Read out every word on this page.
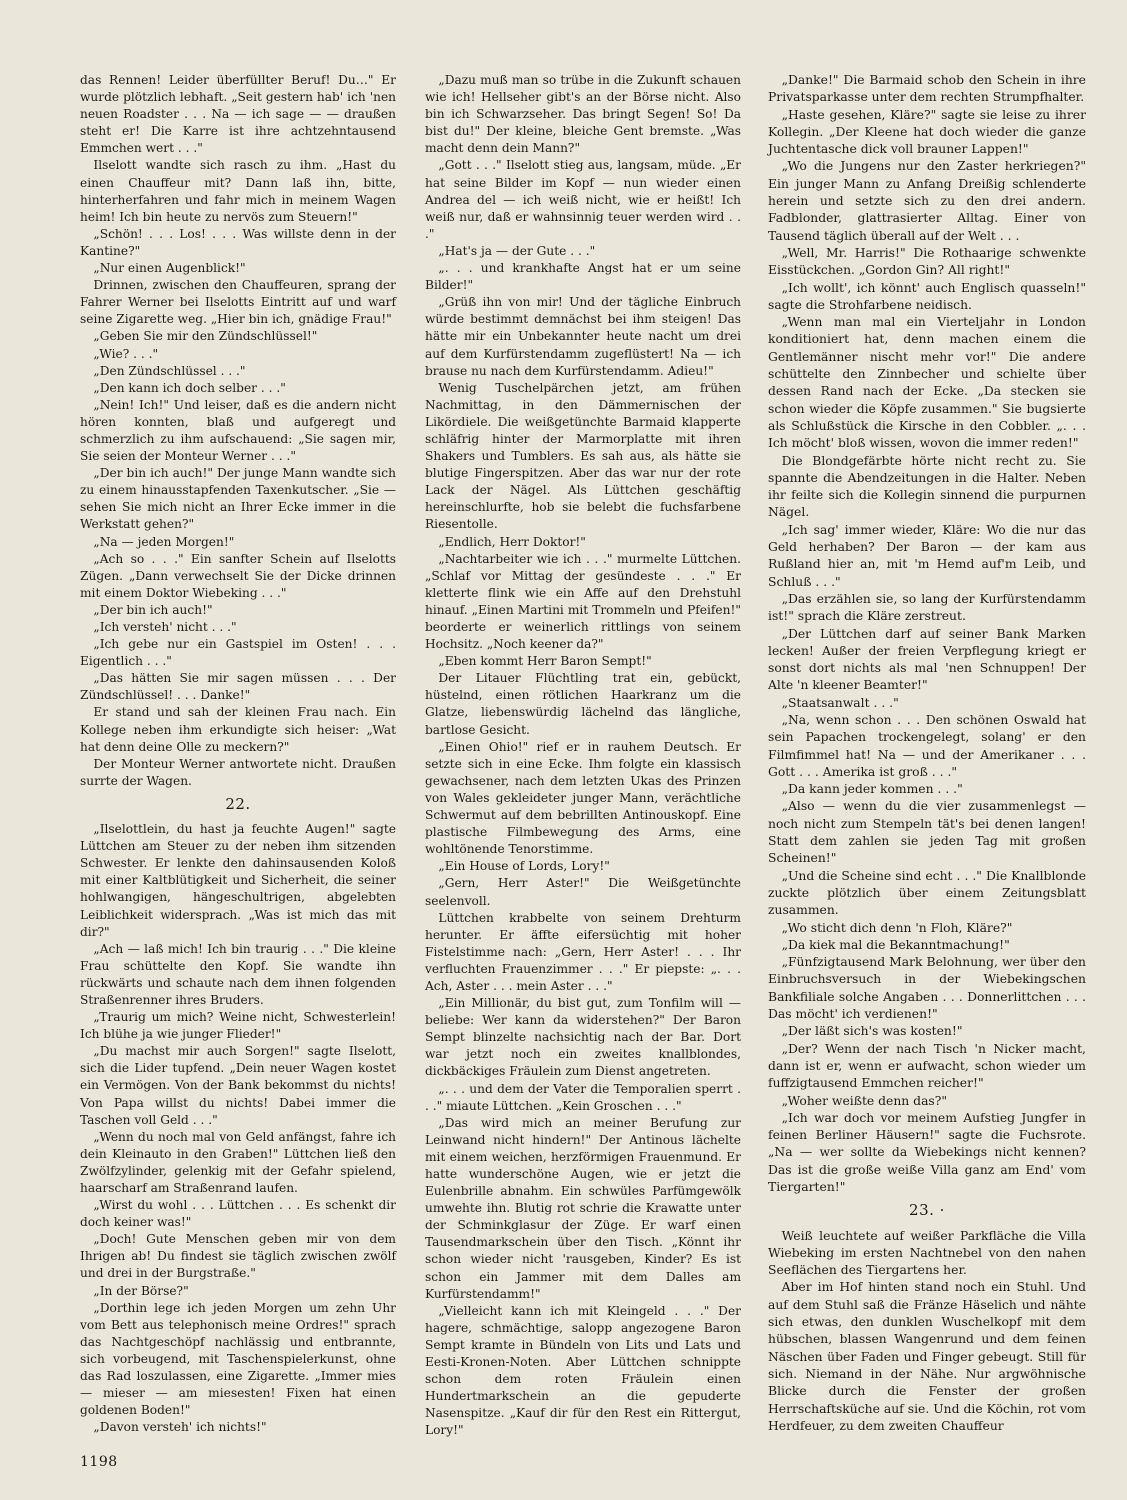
das Rennen! Leider überfüllter Beruf! Du…" Er wurde plötzlich lebhaft. „Seit gestern hab' ich 'nen neuen Roadster . . . Na — ich sage — — draußen steht er! Die Karre ist ihre achtzehntausend Emmchen wert . . ."

Ilselott wandte sich rasch zu ihm. „Hast du einen Chauffeur mit? Dann laß ihn, bitte, hinterherfahren und fahr mich in meinem Wagen heim! Ich bin heute zu nervös zum Steuern!"

„Schön! . . . Los! . . . Was willste denn in der Kantine?"

„Nur einen Augenblick!"

Drinnen, zwischen den Chauffeuren, sprang der Fahrer Werner bei Ilselotts Eintritt auf und warf seine Zigarette weg. „Hier bin ich, gnädige Frau!"

„Geben Sie mir den Zündschlüssel!"

„Wie? . . ."

„Den Zündschlüssel . . ."

„Den kann ich doch selber . . ."

„Nein! Ich!" Und leiser, daß es die andern nicht hören konnten, blaß und aufgeregt und schmerzlich zu ihm aufschauend: „Sie sagen mir, Sie seien der Monteur Werner . . ."

„Der bin ich auch!" Der junge Mann wandte sich zu einem hinausstapfenden Taxenkutscher. „Sie — sehen Sie mich nicht an Ihrer Ecke immer in die Werkstatt gehen?"

„Na — jeden Morgen!"

„Ach so . . ." Ein sanfter Schein auf Ilselotts Zügen. „Dann verwechselt Sie der Dicke drinnen mit einem Doktor Wiebeking . . ."

„Der bin ich auch!"

„Ich versteh' nicht . . ."

„Ich gebe nur ein Gastspiel im Osten! . . . Eigentlich . . ."

„Das hätten Sie mir sagen müssen . . . Der Zündschlüssel! . . . Danke!"

Er stand und sah der kleinen Frau nach. Ein Kollege neben ihm erkundigte sich heiser: „Wat hat denn deine Olle zu meckern?"

Der Monteur Werner antwortete nicht. Draußen surrte der Wagen.

22.

„Ilselottlein, du hast ja feuchte Augen!" sagte Lüttchen am Steuer zu der neben ihm sitzenden Schwester. Er lenkte den dahinsausenden Koloß mit einer Kaltblütigkeit und Sicherheit, die seiner hohlwangigen, hängeschultrigen, abgelebten Leiblichkeit widersprach. „Was ist mich das mit dir?"

„Ach — laß mich! Ich bin traurig . . ." Die kleine Frau schüttelte den Kopf. Sie wandte ihn rückwärts und schaute nach dem ihnen folgenden Straßenrenner ihres Bruders.

„Traurig um mich? Weine nicht, Schwesterlein! Ich blühe ja wie junger Flieder!"

„Du machst mir auch Sorgen!" sagte Ilselott, sich die Lider tupfend. „Dein neuer Wagen kostet ein Vermögen. Von der Bank bekommst du nichts! Von Papa willst du nichts! Dabei immer die Taschen voll Geld . . ."

„Wenn du noch mal von Geld anfängst, fahre ich dein Kleinauto in den Graben!" Lüttchen ließ den Zwölfzylinder, gelenkig mit der Gefahr spielend, haarscharf am Straßenrand laufen.

„Wirst du wohl . . . Lüttchen . . . Es schenkt dir doch keiner was!"

„Doch! Gute Menschen geben mir von dem Ihrigen ab! Du findest sie täglich zwischen zwölf und drei in der Burgstraße."

„In der Börse?"

„Dorthin lege ich jeden Morgen um zehn Uhr vom Bett aus telephonisch meine Ordres!" sprach das Nachtgeschöpf nachlässig und entbrannte, sich vorbeugend, mit Taschenspielerkunst, ohne das Rad loszulassen, eine Zigarette. „Immer mies — mieser — am miesesten! Fixen hat einen goldenen Boden!"

„Davon versteh' ich nichts!"

„Dazu muß man so trübe in die Zukunft schauen wie ich! Hellseher gibt's an der Börse nicht. Also bin ich Schwarzseher. Das bringt Segen! So! Da bist du!" Der kleine, bleiche Gent bremste. „Was macht denn dein Mann?"

„Gott . . ." Ilselott stieg aus, langsam, müde. „Er hat seine Bilder im Kopf — nun wieder einen Andrea del — ich weiß nicht, wie er heißt! Ich weiß nur, daß er wahnsinnig teuer werden wird . . ."

„Hat's ja — der Gute . . ."

„. . . und krankhafte Angst hat er um seine Bilder!"

„Grüß ihn von mir! Und der tägliche Einbruch würde bestimmt demnächst bei ihm steigen! Das hätte mir ein Unbekannter heute nacht um drei auf dem Kurfürstendamm zugeflüstert! Na — ich brause nu nach dem Kurfürstendamm. Adieu!"

Wenig Tuschelpärchen jetzt, am frühen Nachmittag, in den Dämmernischen der Likördiele. Die weißgetünchte Barmaid klapperte schläfrig hinter der Marmorplatte mit ihren Shakers und Tumblers. Es sah aus, als hätte sie blutige Fingerspitzen. Aber das war nur der rote Lack der Nägel. Als Lüttchen geschäftig hereinschlurfte, hob sie belebt die fuchsfarbene Riesentolle.

„Endlich, Herr Doktor!"

„Nachtarbeiter wie ich . . ." murmelte Lüttchen. „Schlaf vor Mittag der gesündeste . . ." Er kletterte flink wie ein Affe auf den Drehstuhl hinauf. „Einen Martini mit Trommeln und Pfeifen!" beorderte er weinerlich rittlings von seinem Hochsitz. „Noch keener da?"

„Eben kommt Herr Baron Sempt!"

Der Litauer Flüchtling trat ein, gebückt, hüstelnd, einen rötlichen Haarkranz um die Glatze, liebenswürdig lächelnd das längliche, bartlose Gesicht.

„Einen Ohio!" rief er in rauhem Deutsch. Er setzte sich in eine Ecke. Ihm folgte ein klassisch gewachsener, nach dem letzten Ukas des Prinzen von Wales gekleideter junger Mann, verächtliche Schwermut auf dem bebrillten Antinouskopf. Eine plastische Filmbewegung des Arms, eine wohltönende Tenorstimme.

„Ein House of Lords, Lory!"

„Gern, Herr Aster!" Die Weißgetünchte seelenvoll.

Lüttchen krabbelte von seinem Drehturm herunter. Er äffte eifersüchtig mit hoher Fistelstimme nach: „Gern, Herr Aster! . . . Ihr verfluchten Frauenzimmer . . ." Er piepste: „. . . Ach, Aster . . . mein Aster . . ."

„Ein Millionär, du bist gut, zum Tonfilm will — beliebe: Wer kann da widerstehen?" Der Baron Sempt blinzelte nachsichtig nach der Bar. Dort war jetzt noch ein zweites knallblondes, dickbäckiges Fräulein zum Dienst angetreten.

„. . . und dem der Vater die Temporalien sperrt . . ." miaute Lüttchen. „Kein Groschen . . ."

„Das wird mich an meiner Berufung zur Leinwand nicht hindern!" Der Antinous lächelte mit einem weichen, herzförmigen Frauenmund. Er hatte wunderschöne Augen, wie er jetzt die Eulenbrille abnahm. Ein schwüles Parfümgewölk umwehte ihn. Blutig rot schrie die Krawatte unter der Schminkglasur der Züge. Er warf einen Tausendmarkschein über den Tisch. „Könnt ihr schon wieder nicht 'rausgeben, Kinder? Es ist schon ein Jammer mit dem Dalles am Kurfürstendamm!"

„Vielleicht kann ich mit Kleingeld . . ." Der hagere, schmächtige, salopp angezogene Baron Sempt kramte in Bündeln von Lits und Lats und Eesti-Kronen-Noten. Aber Lüttchen schnippte schon dem roten Fräulein einen Hundertmarkschein an die gepuderte Nasenspitze. „Kauf dir für den Rest ein Rittergut, Lory!"

„Danke!" Die Barmaid schob den Schein in ihre Privatsparkasse unter dem rechten Strumpfhalter.

„Haste gesehen, Kläre?" sagte sie leise zu ihrer Kollegin. „Der Kleene hat doch wieder die ganze Juchtentasche dick voll brauner Lappen!"

„Wo die Jungens nur den Zaster herkriegen?" Ein junger Mann zu Anfang Dreißig schlenderte herein und setzte sich zu den drei andern. Fadblonder, glattrasierter Alltag. Einer von Tausend täglich überall auf der Welt . . .

„Well, Mr. Harris!" Die Rothaarige schwenkte Eisstückchen. „Gordon Gin? All right!"

„Ich wollt', ich könnt' auch Englisch quasseln!" sagte die Strohfarbene neidisch.

„Wenn man mal ein Vierteljahr in London konditioniert hat, denn machen einem die Gentlemänner nischt mehr vor!" Die andere schüttelte den Zinnbecher und schielte über dessen Rand nach der Ecke. „Da stecken sie schon wieder die Köpfe zusammen." Sie bugsierte als Schlußstück die Kirsche in den Cobbler. „. . . Ich möcht' bloß wissen, wovon die immer reden!"

Die Blondgefärbte hörte nicht recht zu. Sie spannte die Abendzeitungen in die Halter. Neben ihr feilte sich die Kollegin sinnend die purpurnen Nägel.

„Ich sag' immer wieder, Kläre: Wo die nur das Geld herhaben? Der Baron — der kam aus Rußland hier an, mit 'm Hemd auf'm Leib, und Schluß . . ."

„Das erzählen sie, so lang der Kurfürstendamm ist!" sprach die Kläre zerstreut.

„Der Lüttchen darf auf seiner Bank Marken lecken! Außer der freien Verpflegung kriegt er sonst dort nichts als mal 'nen Schnuppen! Der Alte 'n kleener Beamter!"

„Staatsanwalt . . ."

„Na, wenn schon . . . Den schönen Oswald hat sein Papachen trockengelegt, solang' er den Filmfimmel hat! Na — und der Amerikaner . . . Gott . . . Amerika ist groß . . ."

„Da kann jeder kommen . . ."

„Also — wenn du die vier zusammenlegst — noch nicht zum Stempeln tät's bei denen langen! Statt dem zahlen sie jeden Tag mit großen Scheinen!"

„Und die Scheine sind echt . . ." Die Knallblonde zuckte plötzlich über einem Zeitungsblatt zusammen.

„Wo sticht dich denn 'n Floh, Kläre?"

„Da kiek mal die Bekanntmachung!"

„Fünfzigtausend Mark Belohnung, wer über den Einbruchsversuch in der Wiebekingschen Bankfiliale solche Angaben . . . Donnerlittchen . . . Das möcht' ich verdienen!"

„Der läßt sich's was kosten!"

„Der? Wenn der nach Tisch 'n Nicker macht, dann ist er, wenn er aufwacht, schon wieder um fuffzigtausend Emmchen reicher!"

„Woher weißte denn das?"

„Ich war doch vor meinem Aufstieg Jungfer in feinen Berliner Häusern!" sagte die Fuchsrote. „Na — wer sollte da Wiebekings nicht kennen? Das ist die große weiße Villa ganz am End' vom Tiergarten!"

23. ·

Weiß leuchtete auf weißer Parkfläche die Villa Wiebeking im ersten Nachtnebel von den nahen Seeflächen des Tiergartens her.

Aber im Hof hinten stand noch ein Stuhl. Und auf dem Stuhl saß die Fränze Häselich und nähte sich etwas, den dunklen Wuschelkopf mit dem hübschen, blassen Wangenrund und dem feinen Näschen über Faden und Finger gebeugt. Still für sich. Niemand in der Nähe. Nur argwöhnische Blicke durch die Fenster der großen Herrschaftsküche auf sie. Und die Köchin, rot vom Herdfeuer, zu dem zweiten Chauffeur

1198
